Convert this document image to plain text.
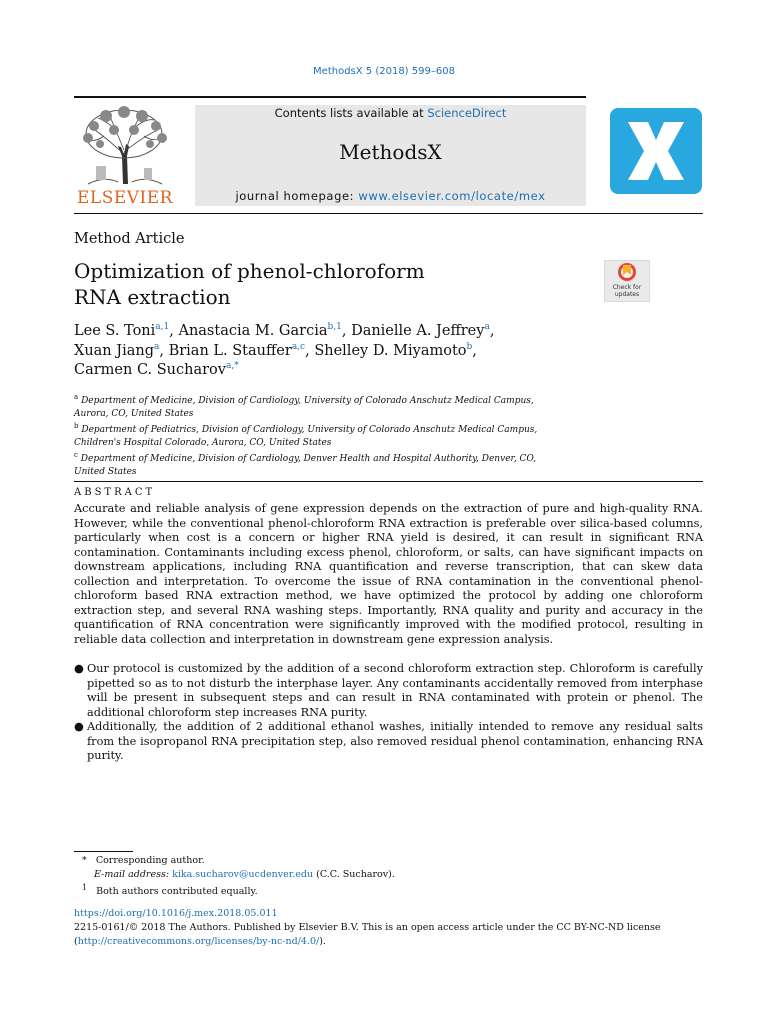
MethodsX 5 (2018) 599–608
ELSEVIER
Contents lists available at ScienceDirect
MethodsX
journal homepage: www.elsevier.com/locate/mex
Method Article
Optimization of phenol-chloroform
RNA extraction	Check for
updates
Lee S. Toni$^{a,1}$, Anastacia M. Garcia$^{b,1}$, Danielle A. Jeffrey$^a$,
Xuan Jiang$^a$, Brian L. Stauffer$^{a,c}$, Shelley D. Miyamoto$^b$,
Carmen C. Sucharov$^{a,*}$
$^a$ Department of Medicine, Division of Cardiology, University of Colorado Anschutz Medical Campus, Aurora, CO, United States
$^b$ Department of Pediatrics, Division of Cardiology, University of Colorado Anschutz Medical Campus, Children's Hospital Colorado, Aurora, CO, United States
$^c$ Department of Medicine, Division of Cardiology, Denver Health and Hospital Authority, Denver, CO, United States
ABSTRACT
Accurate and reliable analysis of gene expression depends on the extraction of pure and high-quality RNA. However, while the conventional phenol-chloroform RNA extraction is preferable over silica-based columns, particularly when cost is a concern or higher RNA yield is desired, it can result in significant RNA contamination. Contaminants including excess phenol, chloroform, or salts, can have significant impacts on downstream applications, including RNA quantification and reverse transcription, that can skew data collection and interpretation. To overcome the issue of RNA contamination in the conventional phenol-chloroform based RNA extraction method, we have optimized the protocol by adding one chloroform extraction step, and several RNA washing steps. Importantly, RNA quality and purity and accuracy in the quantification of RNA concentration were significantly improved with the modified protocol, resulting in reliable data collection and interpretation in downstream gene expression analysis.
● Our protocol is customized by the addition of a second chloroform extraction step. Chloroform is carefully pipetted so as to not disturb the interphase layer. Any contaminants accidentally removed from interphase will be present in subsequent steps and can result in RNA contaminated with protein or phenol. The additional chloroform step increases RNA purity.
● Additionally, the addition of 2 additional ethanol washes, initially intended to remove any residual salts from the isopropanol RNA precipitation step, also removed residual phenol contamination, enhancing RNA purity.
* Corresponding author.
E-mail address: kika.sucharov@ucdenver.edu (C.C. Sucharov).
$^1$ Both authors contributed equally.
https://doi.org/10.1016/j.mex.2018.05.011
2215-0161/© 2018 The Authors. Published by Elsevier B.V. This is an open access article under the CC BY-NC-ND license (http://creativecommons.org/licenses/by-nc-nd/4.0/).
